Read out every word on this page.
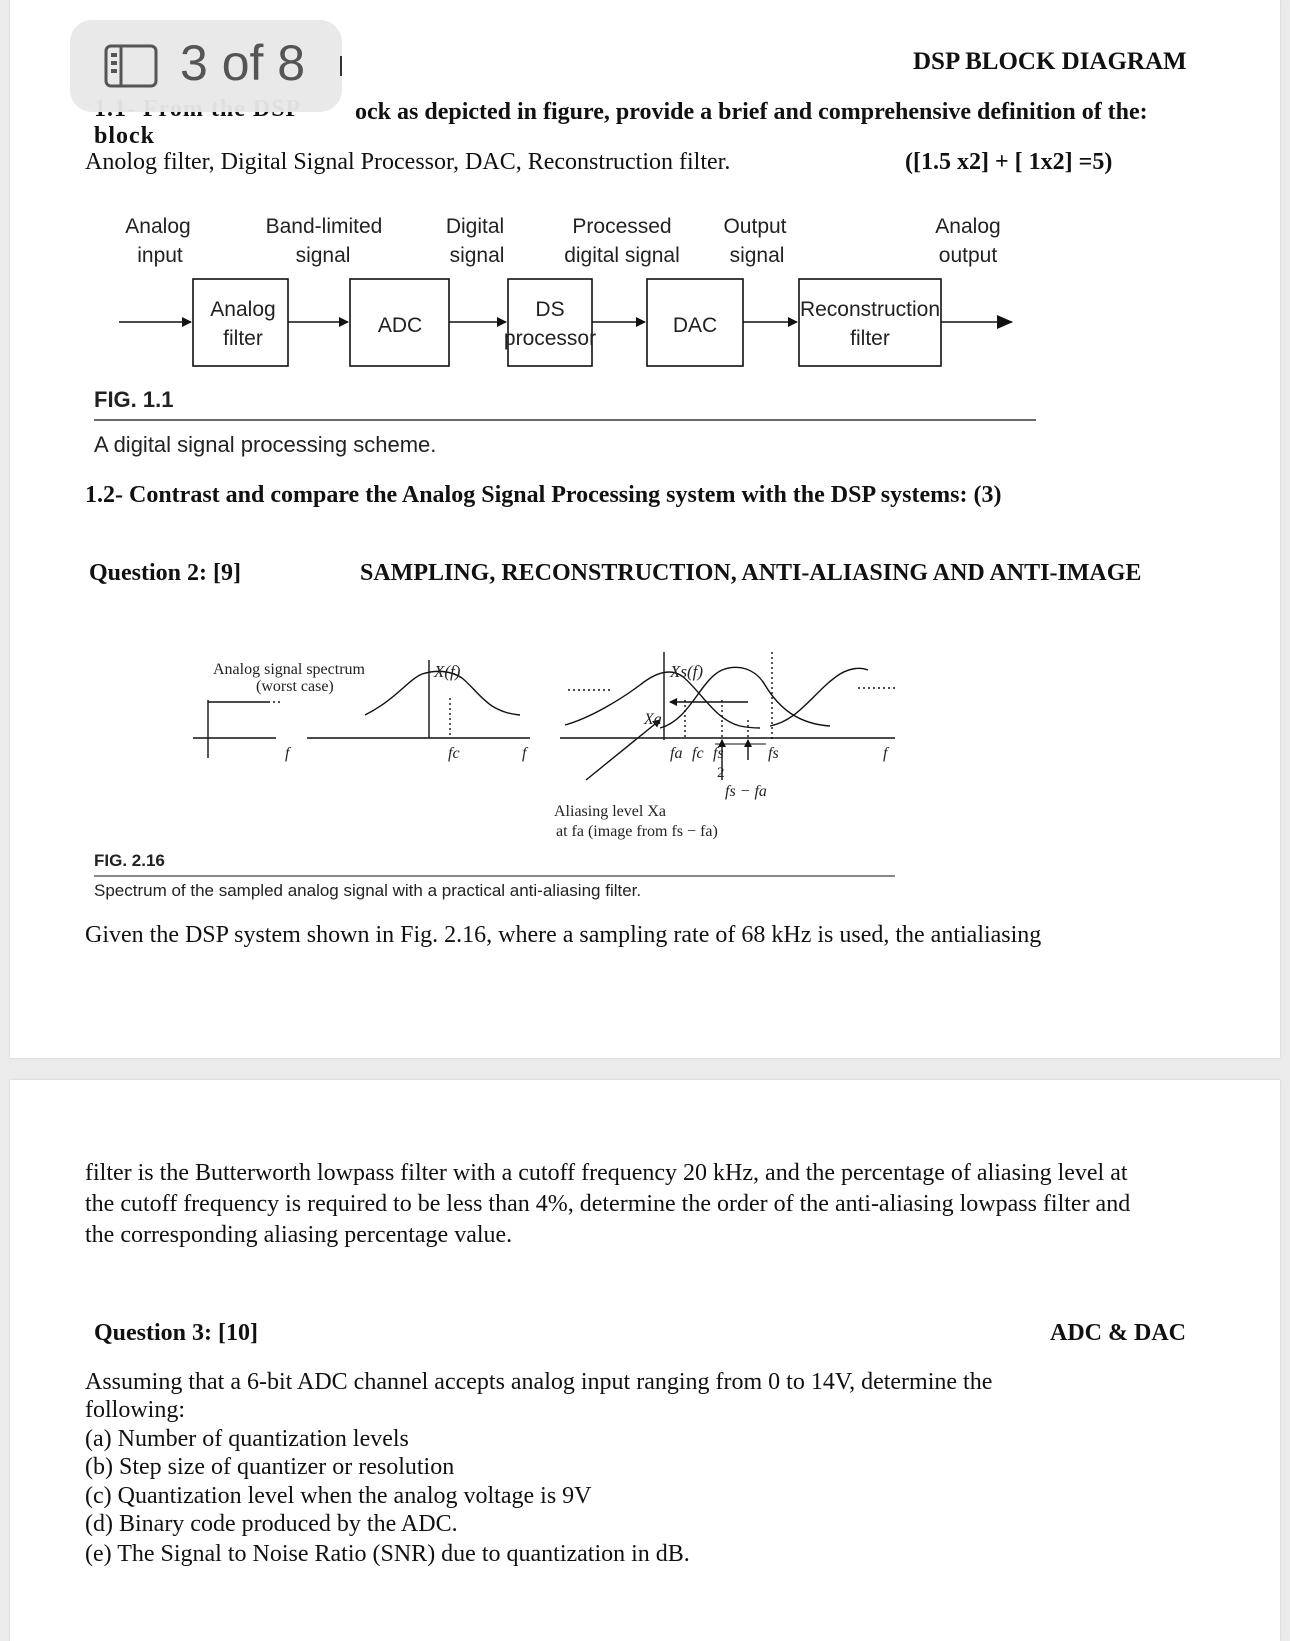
block
DSP BLOCK DIAGRAM
ock as depicted in figure, provide a brief and comprehensive definition of the:
Anolog filter, Digital Signal Processor, DAC, Reconstruction filter.	([1.5 x2] + [ 1x2] =5)
Analog
input
Band-limited
signal
Digital
signal
Processed
digital signal
Output
signal
Analog
output
Analog
filter
ADC
DS
processor
DAC
Reconstruction
filter
FIG. 1.1
A digital signal processing scheme.
1.2- Contrast and compare the Analog Signal Processing system with the DSP systems: (3)
Question 2: [9]	SAMPLING, RECONSTRUCTION, ANTI-ALIASING AND ANTI-IMAGE
Analog signal spectrum
(worst case)
X(f)
f	fc	f
Xs(f)
Xa
fa fc fs
2
fs	f
fs − fa
Aliasing level Xa
at fa (image from fs − fa)
FIG. 2.16
Spectrum of the sampled analog signal with a practical anti-aliasing filter.
Given the DSP system shown in Fig. 2.16, where a sampling rate of 68 kHz is used, the antialiasing
3 of 8
filter is the Butterworth lowpass filter with a cutoff frequency 20 kHz, and the percentage of aliasing level at
the cutoff frequency is required to be less than 4%, determine the order of the anti-aliasing lowpass filter and
the corresponding aliasing percentage value.
Question 3: [10]	ADC & DAC
Assuming that a 6-bit ADC channel accepts analog input ranging from 0 to 14V, determine the
following:
(a) Number of quantization levels
(b) Step size of quantizer or resolution
(c) Quantization level when the analog voltage is 9V
(d) Binary code produced by the ADC.
(e) The Signal to Noise Ratio (SNR) due to quantization in dB.
